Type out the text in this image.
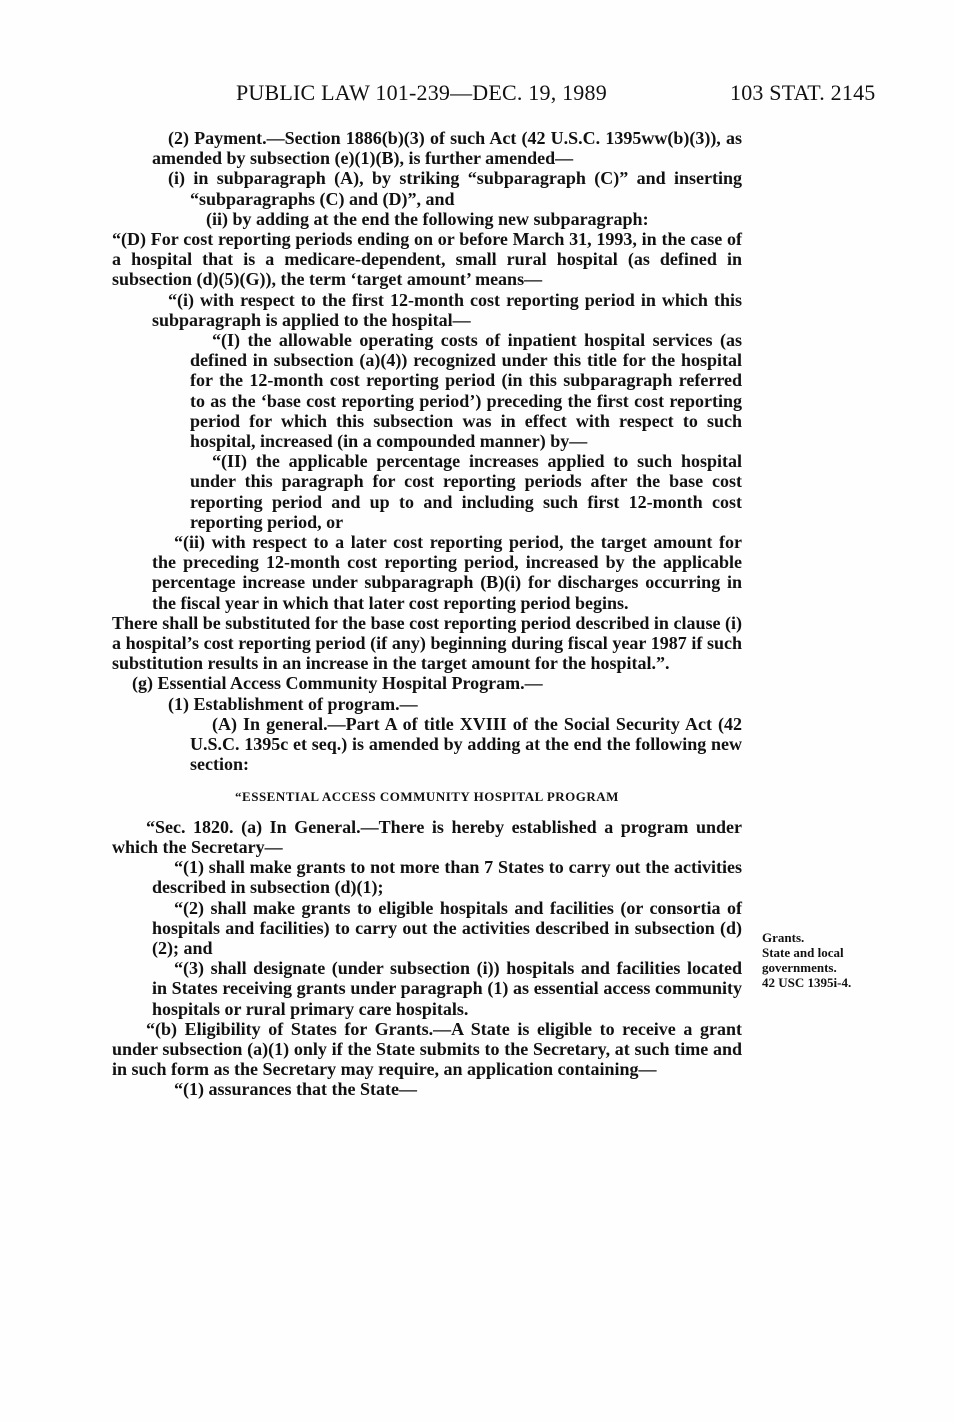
PUBLIC LAW 101-239—DEC. 19, 1989	103 STAT. 2145

(2) Payment.—Section 1886(b)(3) of such Act (42 U.S.C. 1395ww(b)(3)), as amended by subsection (e)(1)(B), is further amended—

(i) in subparagraph (A), by striking “subparagraph (C)” and inserting “subparagraphs (C) and (D)”, and

(ii) by adding at the end the following new subparagraph:

“(D) For cost reporting periods ending on or before March 31, 1993, in the case of a hospital that is a medicare-dependent, small rural hospital (as defined in subsection (d)(5)(G)), the term ‘target amount’ means—

“(i) with respect to the first 12-month cost reporting period in which this subparagraph is applied to the hospital—

“(I) the allowable operating costs of inpatient hospital services (as defined in subsection (a)(4)) recognized under this title for the hospital for the 12-month cost reporting period (in this subparagraph referred to as the ‘base cost reporting period’) preceding the first cost reporting period for which this subsection was in effect with respect to such hospital, increased (in a compounded manner) by—

“(II) the applicable percentage increases applied to such hospital under this paragraph for cost reporting periods after the base cost reporting period and up to and including such first 12-month cost reporting period, or

“(ii) with respect to a later cost reporting period, the target amount for the preceding 12-month cost reporting period, increased by the applicable percentage increase under subparagraph (B)(i) for discharges occurring in the fiscal year in which that later cost reporting period begins.

There shall be substituted for the base cost reporting period described in clause (i) a hospital’s cost reporting period (if any) beginning during fiscal year 1987 if such substitution results in an increase in the target amount for the hospital.”.

(g) Essential Access Community Hospital Program.—

(1) Establishment of program.—

(A) In general.—Part A of title XVIII of the Social Security Act (42 U.S.C. 1395c et seq.) is amended by adding at the end the following new section:

“ESSENTIAL ACCESS COMMUNITY HOSPITAL PROGRAM

“Sec. 1820. (a) In General.—There is hereby established a program under which the Secretary—

“(1) shall make grants to not more than 7 States to carry out the activities described in subsection (d)(1);

“(2) shall make grants to eligible hospitals and facilities (or consortia of hospitals and facilities) to carry out the activities described in subsection (d)(2); and

“(3) shall designate (under subsection (i)) hospitals and facilities located in States receiving grants under paragraph (1) as essential access community hospitals or rural primary care hospitals.

“(b) Eligibility of States for Grants.—A State is eligible to receive a grant under subsection (a)(1) only if the State submits to the Secretary, at such time and in such form as the Secretary may require, an application containing—

“(1) assurances that the State—

Grants.
State and local governments.
42 USC 1395i-4.
